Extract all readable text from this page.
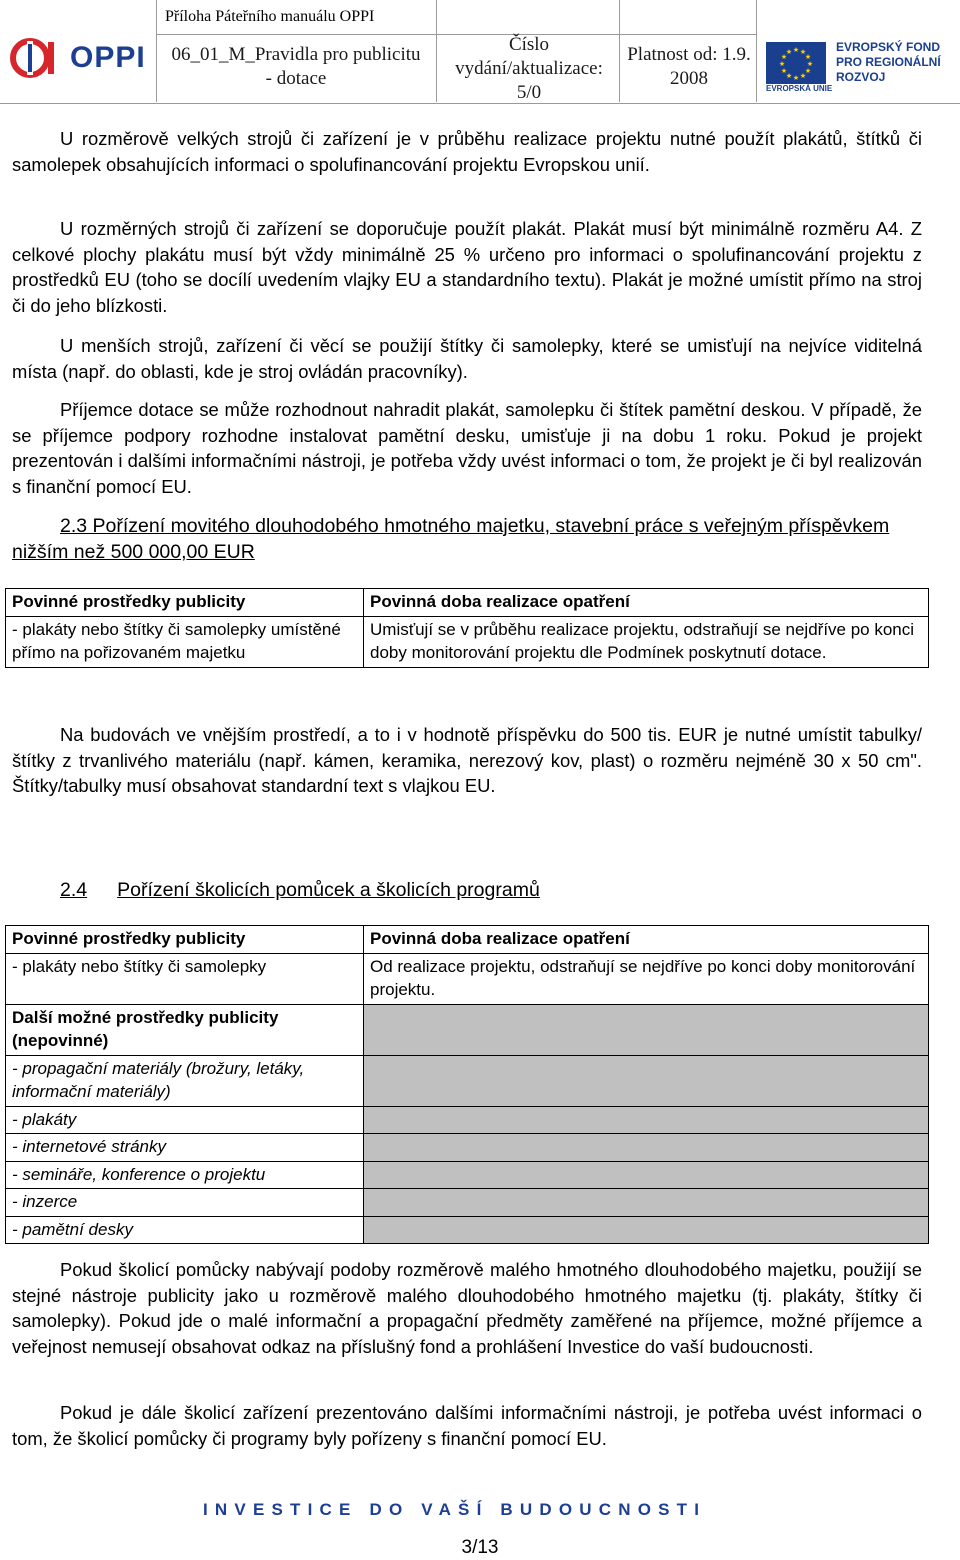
Příloha Páteřního manuálu OPPI
06_01_M_Pravidla pro publicitu - dotace
Číslo vydání/aktualizace: 5/0
Platnost od: 1.9. 2008
OPPI	★ ★
★
★
★
★
★
★
★
★
★
★
EVROPSKÁ UNIE
EVROPSKÝ FOND PRO REGIONÁLNÍ ROZVOJ

U rozměrově velkých strojů či zařízení je v průběhu realizace projektu nutné použít plakátů, štítků či samolepek obsahujících informaci o spolufinancování projektu Evropskou unií.

U rozměrných strojů či zařízení se doporučuje použít plakát. Plakát musí být minimálně rozměru A4. Z celkové plochy plakátu musí být vždy minimálně 25 % určeno pro informaci o spolufinancování projektu z prostředků EU (toho se docílí uvedením vlajky EU a standardního textu). Plakát je možné umístit přímo na stroj či do jeho blízkosti.

U menších strojů, zařízení či věcí se použijí štítky či samolepky, které se umisťují na nejvíce viditelná místa (např. do oblasti, kde je stroj ovládán pracovníky).

Příjemce dotace se může rozhodnout nahradit plakát, samolepku či štítek pamětní deskou. V případě, že se příjemce podpory rozhodne instalovat pamětní desku, umisťuje ji na dobu 1 roku. Pokud je projekt prezentován i dalšími informačními nástroji, je potřeba vždy uvést informaci o tom, že projekt je či byl realizován s finanční pomocí EU.

2.3 Pořízení movitého dlouhodobého hmotného majetku, stavební práce s veřejným příspěvkem nižším než 500 000,00 EUR

Povinné prostředky publicity	Povinná doba realizace opatření
- plakáty nebo štítky či samolepky umístěné přímo na pořizovaném majetku	Umisťují se v průběhu realizace projektu, odstraňují se nejdříve po konci doby monitorování projektu dle Podmínek poskytnutí dotace.

Na budovách ve vnějším prostředí, a to i v hodnotě příspěvku do 500 tis. EUR je nutné umístit tabulky/štítky z trvanlivého materiálu (např. kámen, keramika, nerezový kov, plast) o rozměru nejméně 30 x 50 cm". Štítky/tabulky musí obsahovat standardní text s vlajkou EU.

2.4 Pořízení školicích pomůcek a školicích programů

Povinné prostředky publicity	Povinná doba realizace opatření
- plakáty nebo štítky či samolepky	Od realizace projektu, odstraňují se nejdříve po konci doby monitorování projektu.
Další možné prostředky publicity (nepovinné)	
- propagační materiály (brožury, letáky, informační materiály)	
- plakáty	
- internetové stránky	
- semináře, konference o projektu	
- inzerce	
- pamětní desky	

Pokud školicí pomůcky nabývají podoby rozměrově malého hmotného dlouhodobého majetku, použijí se stejné nástroje publicity jako u rozměrově malého dlouhodobého hmotného majetku (tj. plakáty, štítky či samolepky). Pokud jde o malé informační a propagační předměty zaměřené na příjemce, možné příjemce a veřejnost nemusejí obsahovat odkaz na příslušný fond a prohlášení Investice do vaší budoucnosti.

Pokud je dále školicí zařízení prezentováno dalšími informačními nástroji, je potřeba uvést informaci o tom, že školicí pomůcky či programy byly pořízeny s finanční pomocí EU.

INVESTICE DO VAŠÍ BUDOUCNOSTI
3/13
